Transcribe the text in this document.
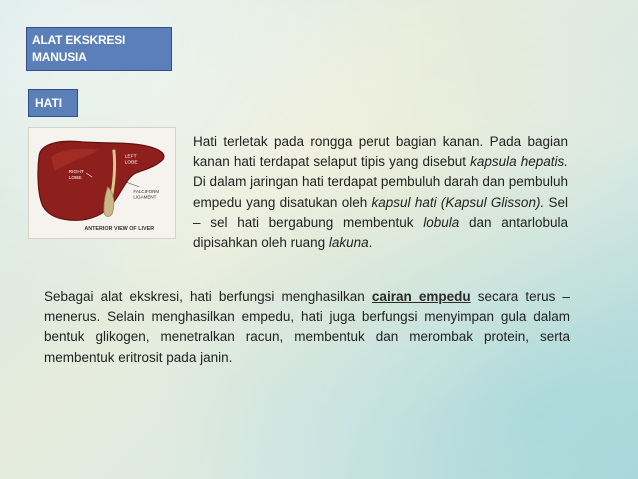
ALAT EKSKRESI
MANUSIA
HATI
RIGHT
LOBE
LEFT
LOBE
FALCIFORM
LIGAMENT
ANTERIOR VIEW OF LIVER

Hati terletak pada rongga perut bagian kanan. Pada bagian kanan hati terdapat selaput tipis yang disebut kapsula hepatis. Di dalam jaringan hati terdapat pembuluh darah dan pembuluh empedu yang disatukan oleh kapsul hati (Kapsul Glisson). Sel – sel hati bergabung membentuk lobula dan antarlobula dipisahkan oleh ruang lakuna.

Sebagai alat ekskresi, hati berfungsi menghasilkan cairan empedu secara terus – menerus. Selain menghasilkan empedu, hati juga berfungsi menyimpan gula dalam bentuk glikogen, menetralkan racun, membentuk dan merombak protein, serta membentuk eritrosit pada janin.
